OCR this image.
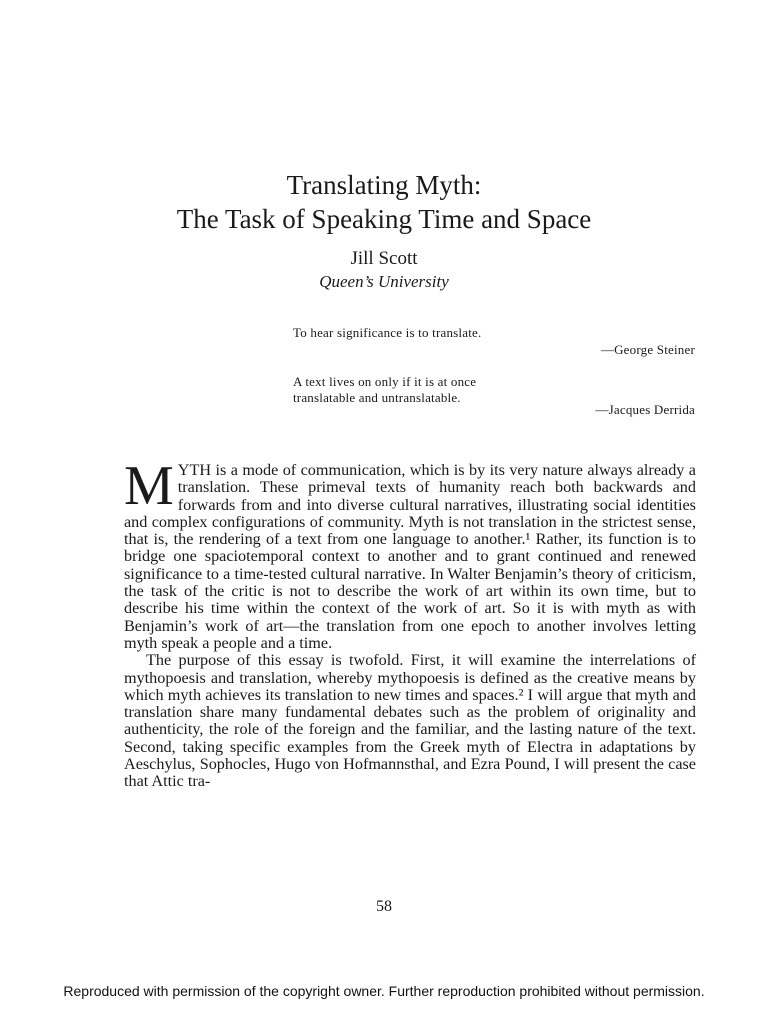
Translating Myth:
The Task of Speaking Time and Space
Jill Scott
Queen’s University
To hear significance is to translate.
—George Steiner
A text lives on only if it is at once translatable and untranslatable.
—Jacques Derrida

MYTH is a mode of communication, which is by its very nature always already a translation. These primeval texts of humanity reach both backwards and forwards from and into diverse cultural narratives, illustrating social identities and complex configurations of community. Myth is not translation in the strictest sense, that is, the rendering of a text from one language to another.¹ Rather, its function is to bridge one spaciotemporal context to another and to grant continued and renewed significance to a time-tested cultural narrative. In Walter Benjamin’s theory of criticism, the task of the critic is not to describe the work of art within its own time, but to describe his time within the context of the work of art. So it is with myth as with Benjamin’s work of art—the translation from one epoch to another involves letting myth speak a people and a time.

The purpose of this essay is twofold. First, it will examine the interrelations of mythopoesis and translation, whereby mythopoesis is defined as the creative means by which myth achieves its translation to new times and spaces.² I will argue that myth and translation share many fundamental debates such as the problem of originality and authenticity, the role of the foreign and the familiar, and the lasting nature of the text. Second, taking specific examples from the Greek myth of Electra in adaptations by Aeschylus, Sophocles, Hugo von Hofmannsthal, and Ezra Pound, I will present the case that Attic tra-

58
Reproduced with permission of the copyright owner. Further reproduction prohibited without permission.
